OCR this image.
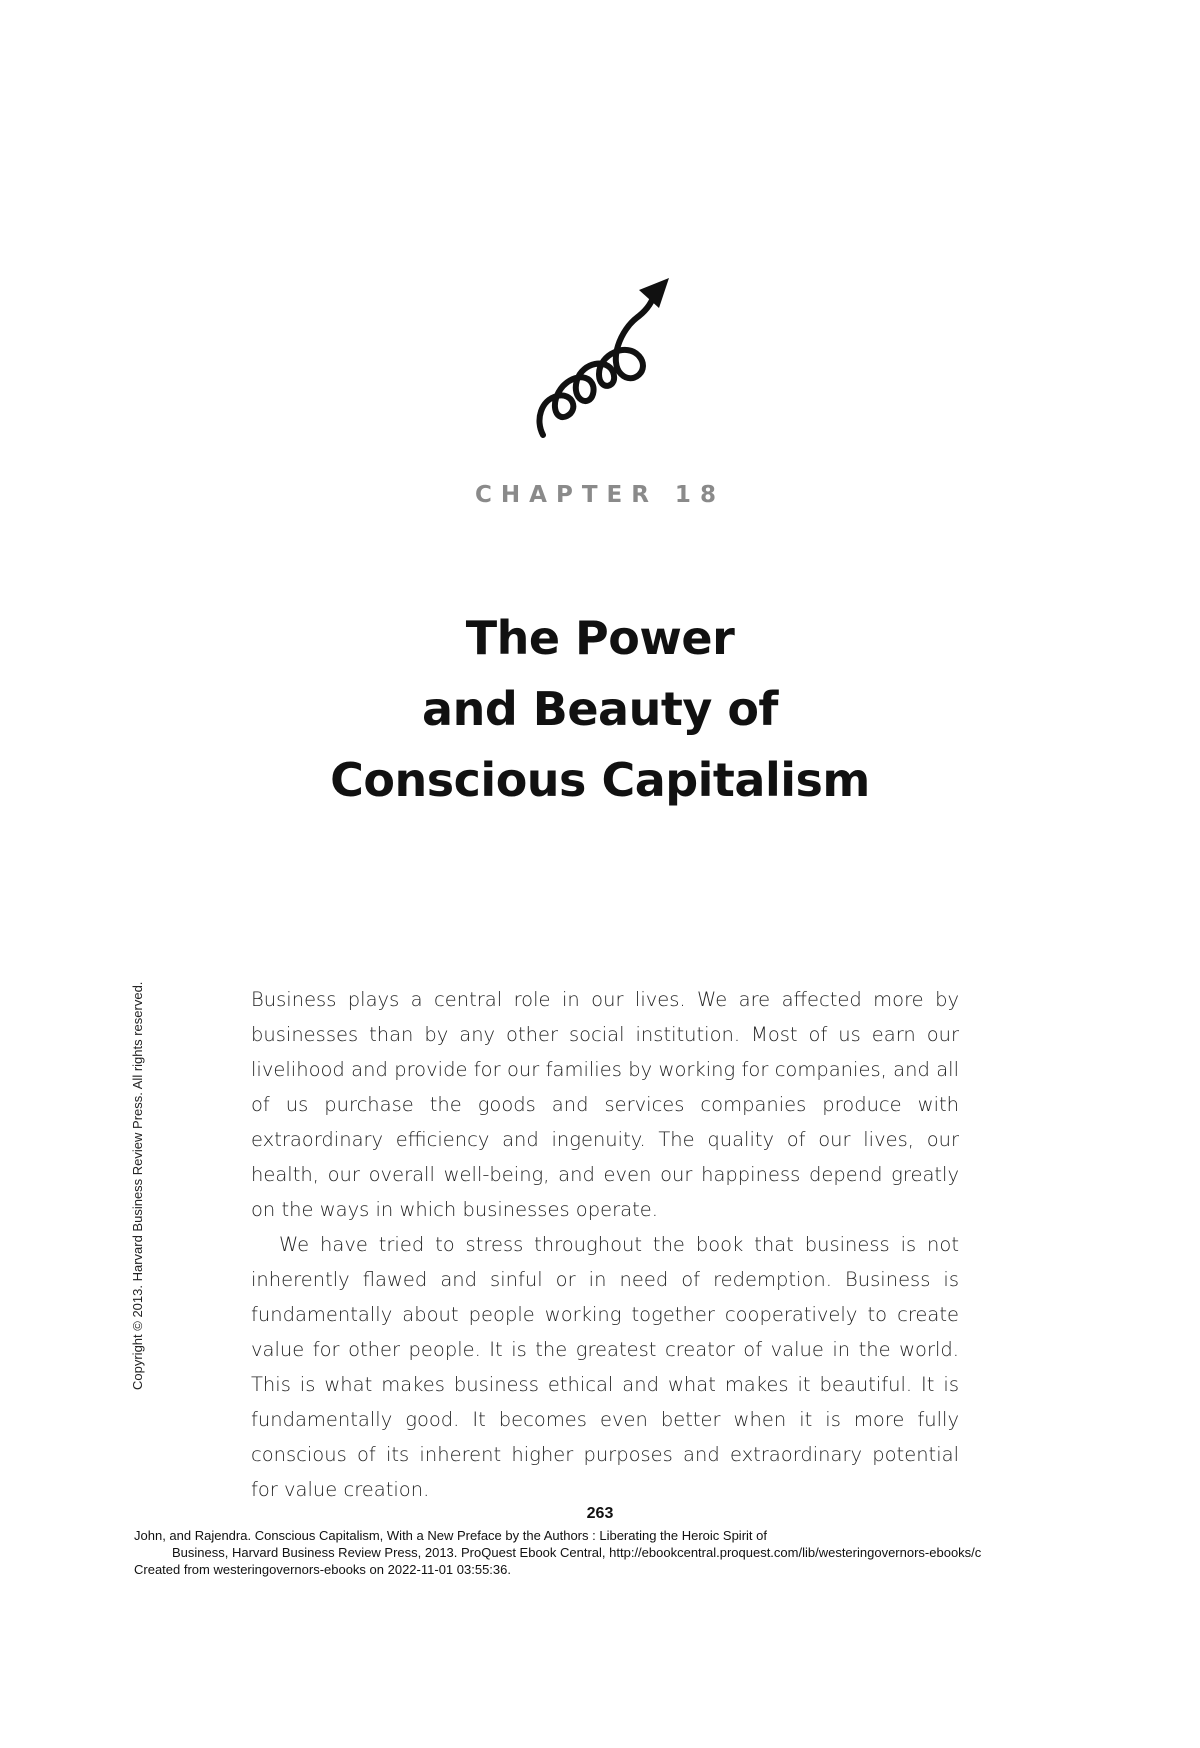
CHAPTER 18
The Power
and Beauty of
Conscious Capitalism
Copyright © 2013. Harvard Business Review Press. All rights reserved.	Business plays a central role in our lives. We are affected more by businesses than by any other social institution. Most of us earn our livelihood and provide for our families by working for companies, and all of us purchase the goods and services companies produce with extraordinary efficiency and ingenuity. The quality of our lives, our health, our overall well-being, and even our happiness depend greatly on the ways in which businesses operate.

We have tried to stress throughout the book that business is not inherently flawed and sinful or in need of redemption. Business is fundamentally about people working together cooperatively to create value for other people. It is the greatest creator of value in the world. This is what makes business ethical and what makes it beautiful. It is fundamentally good. It becomes even better when it is more fully conscious of its inherent higher purposes and extraordinary potential for value creation.

263
John, and Rajendra. Conscious Capitalism, With a New Preface by the Authors : Liberating the Heroic Spirit of
Business, Harvard Business Review Press, 2013. ProQuest Ebook Central, http://ebookcentral.proquest.com/lib/westeringovernors-ebooks/c
Created from westeringovernors-ebooks on 2022-11-01 03:55:36.
